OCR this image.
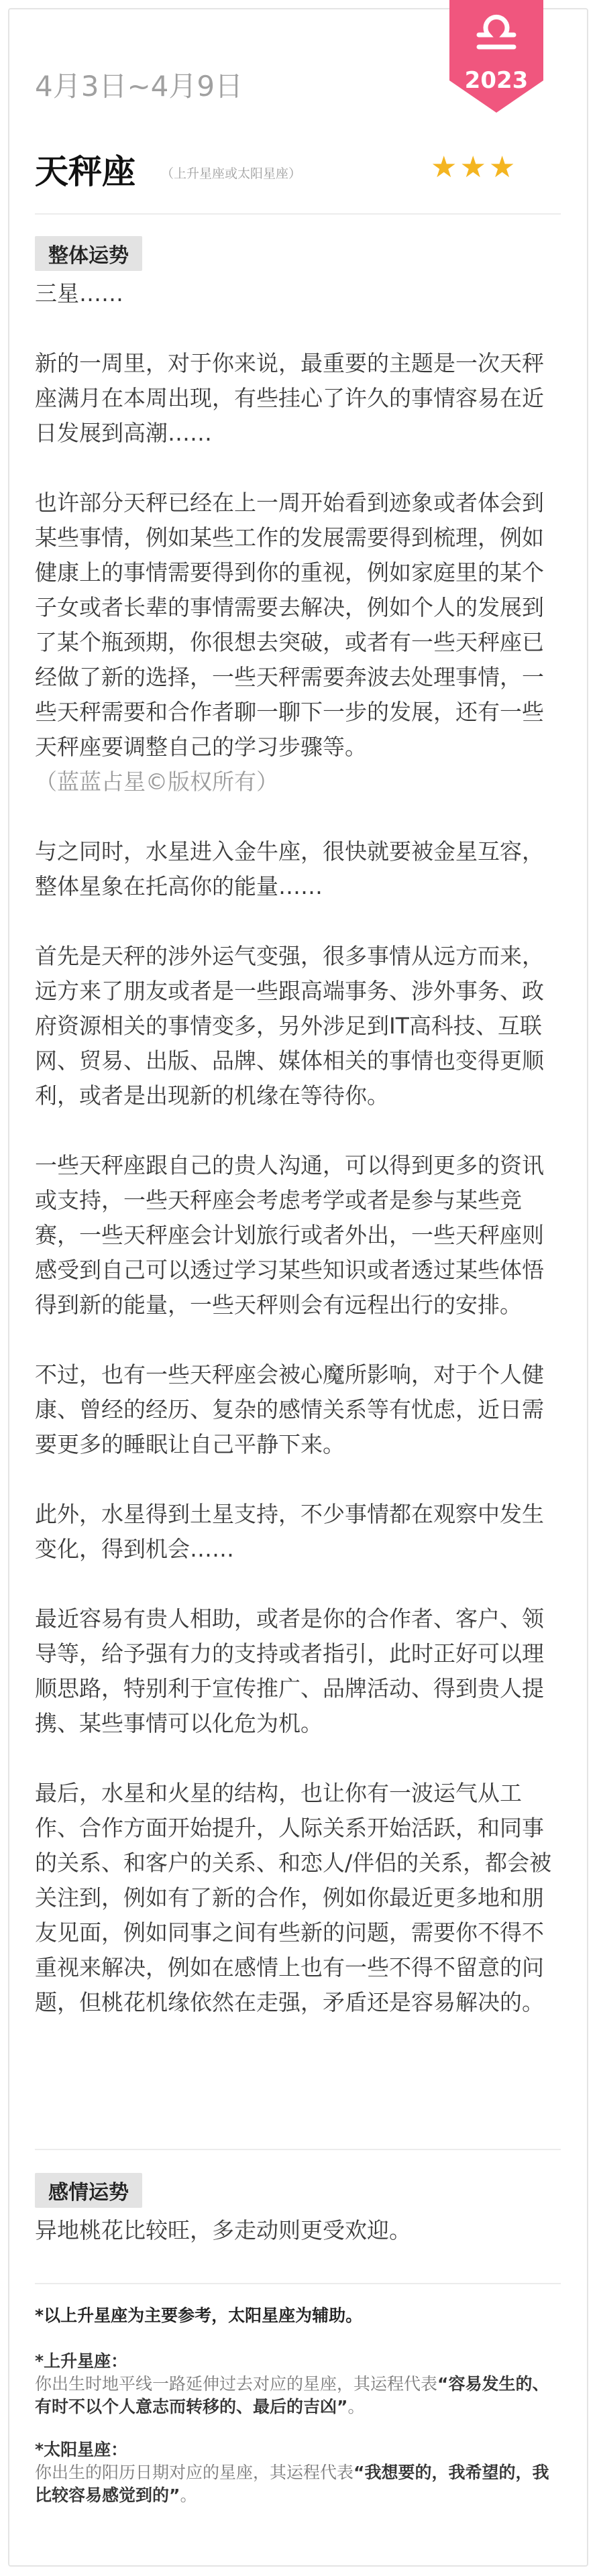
2023
4月3日~4月9日
天秤座 （上升星座或太阳星座）	★★★
整体运势

三星……

新的一周里，对于你来说，最重要的主题是一次天秤座满月在本周出现，有些挂心了许久的事情容易在近日发展到高潮……

也许部分天秤已经在上一周开始看到迹象或者体会到某些事情，例如某些工作的发展需要得到梳理，例如健康上的事情需要得到你的重视，例如家庭里的某个子女或者长辈的事情需要去解决，例如个人的发展到了某个瓶颈期，你很想去突破，或者有一些天秤座已经做了新的选择，一些天秤需要奔波去处理事情，一些天秤需要和合作者聊一聊下一步的发展，还有一些天秤座要调整自己的学习步骤等。

（蓝蓝占星©版权所有）

与之同时，水星进入金牛座，很快就要被金星互容，整体星象在托高你的能量……

首先是天秤的涉外运气变强，很多事情从远方而来，远方来了朋友或者是一些跟高端事务、涉外事务、政府资源相关的事情变多，另外涉足到IT高科技、互联网、贸易、出版、品牌、媒体相关的事情也变得更顺利，或者是出现新的机缘在等待你。

一些天秤座跟自己的贵人沟通，可以得到更多的资讯或支持，一些天秤座会考虑考学或者是参与某些竞赛，一些天秤座会计划旅行或者外出，一些天秤座则感受到自己可以透过学习某些知识或者透过某些体悟得到新的能量，一些天秤则会有远程出行的安排。

不过，也有一些天秤座会被心魔所影响，对于个人健康、曾经的经历、复杂的感情关系等有忧虑，近日需要更多的睡眠让自己平静下来。

此外，水星得到土星支持，不少事情都在观察中发生变化，得到机会……

最近容易有贵人相助，或者是你的合作者、客户、领导等，给予强有力的支持或者指引，此时正好可以理顺思路，特别利于宣传推广、品牌活动、得到贵人提携、某些事情可以化危为机。

最后，水星和火星的结构，也让你有一波运气从工作、合作方面开始提升，人际关系开始活跃，和同事的关系、和客户的关系、和恋人/伴侣的关系，都会被关注到，例如有了新的合作，例如你最近更多地和朋友见面，例如同事之间有些新的问题，需要你不得不重视来解决，例如在感情上也有一些不得不留意的问题，但桃花机缘依然在走强，矛盾还是容易解决的。

感情运势

异地桃花比较旺，多走动则更受欢迎。

*以上升星座为主要参考，太阳星座为辅助。

*上升星座：

你出生时地平线一路延伸过去对应的星座，其运程代表“容易发生的、有时不以个人意志而转移的、最后的吉凶”。

*太阳星座：

你出生的阳历日期对应的星座，其运程代表“我想要的，我希望的，我比较容易感觉到的”。
